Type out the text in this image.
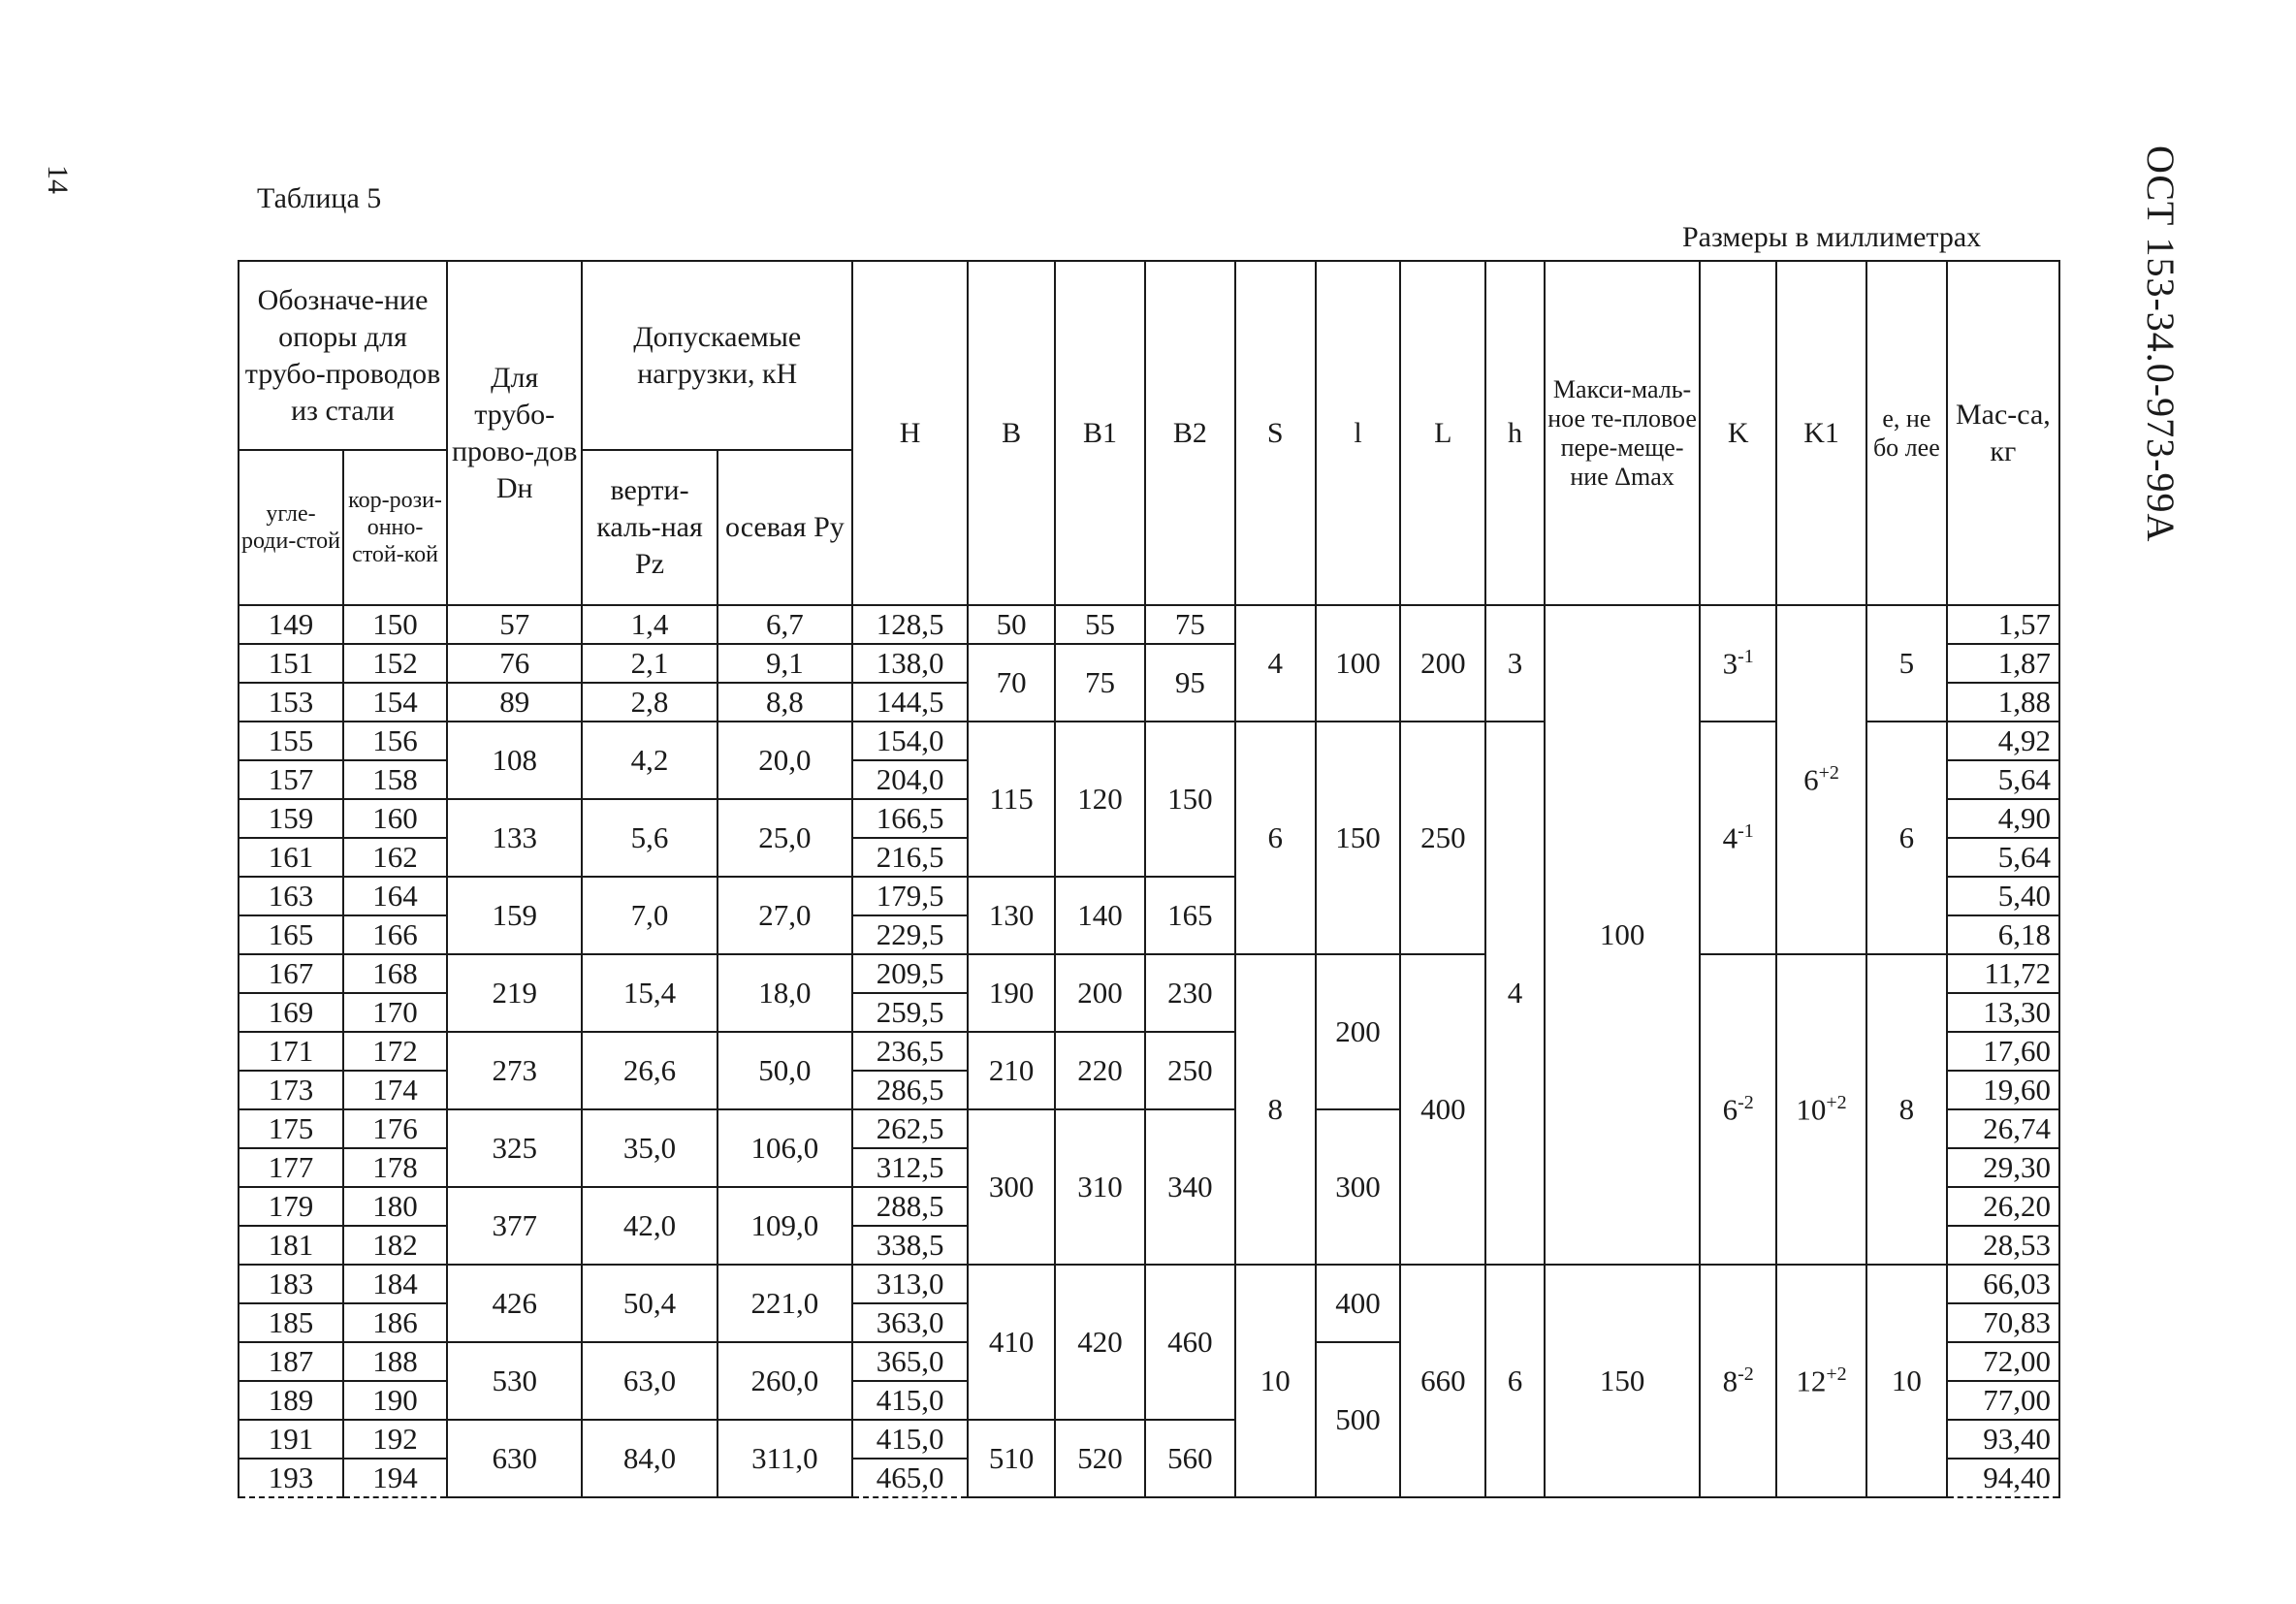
14	ОСТ 153-34.0-973-99А
Таблица 5
Размеры в миллиметрах
Обозначе-ние опоры для трубо-проводов из стали		Для трубо-прово-дов Dн	Допускаемые нагрузки, кН		H	B	B1	B2	S	l	L	h	Макси-маль-ное те-пловое пере-меще-ние Δmax	K	K1	е, не бо лее	Мас-са, кг
угле-роди-стой	кор-рози-онно-стой-кой		верти-каль-ная Pz	осевая Py													
149	150	57	1,4	6,7	128,5	50	55	75	4	100	200	3	100	$3^{-1}$	$6^{+2}$	5	1,57
151	152	76	2,1	9,1	138,0	70	75	95									1,87
153	154	89	2,8	8,8	144,5												1,88
155	156	108	4,2	20,0	154,0	115	120	150	6	150	250	4		$4^{-1}$		6	4,92
157	158				204,0												5,64
159	160	133	5,6	25,0	166,5												4,90
161	162				216,5												5,64
163	164	159	7,0	27,0	179,5	130	140	165									5,40
165	166				229,5												6,18
167	168	219	15,4	18,0	209,5	190	200	230	8	200	400			$6^{-2}$	$10^{+2}$	8	11,72
169	170				259,5												13,30
171	172	273	26,6	50,0	236,5	210	220	250									17,60
173	174				286,5												19,60
175	176	325	35,0	106,0	262,5	300	310	340		300							26,74
177	178				312,5												29,30
179	180	377	42,0	109,0	288,5												26,20
181	182				338,5												28,53
183	184	426	50,4	221,0	313,0	410	420	460	10	400	660	6	150	$8^{-2}$	$12^{+2}$	10	66,03
185	186				363,0												70,83
187	188	530	63,0	260,0	365,0					500							72,00
189	190				415,0												77,00
191	192	630	84,0	311,0	415,0	510	520	560									93,40
193	194				465,0												94,40
